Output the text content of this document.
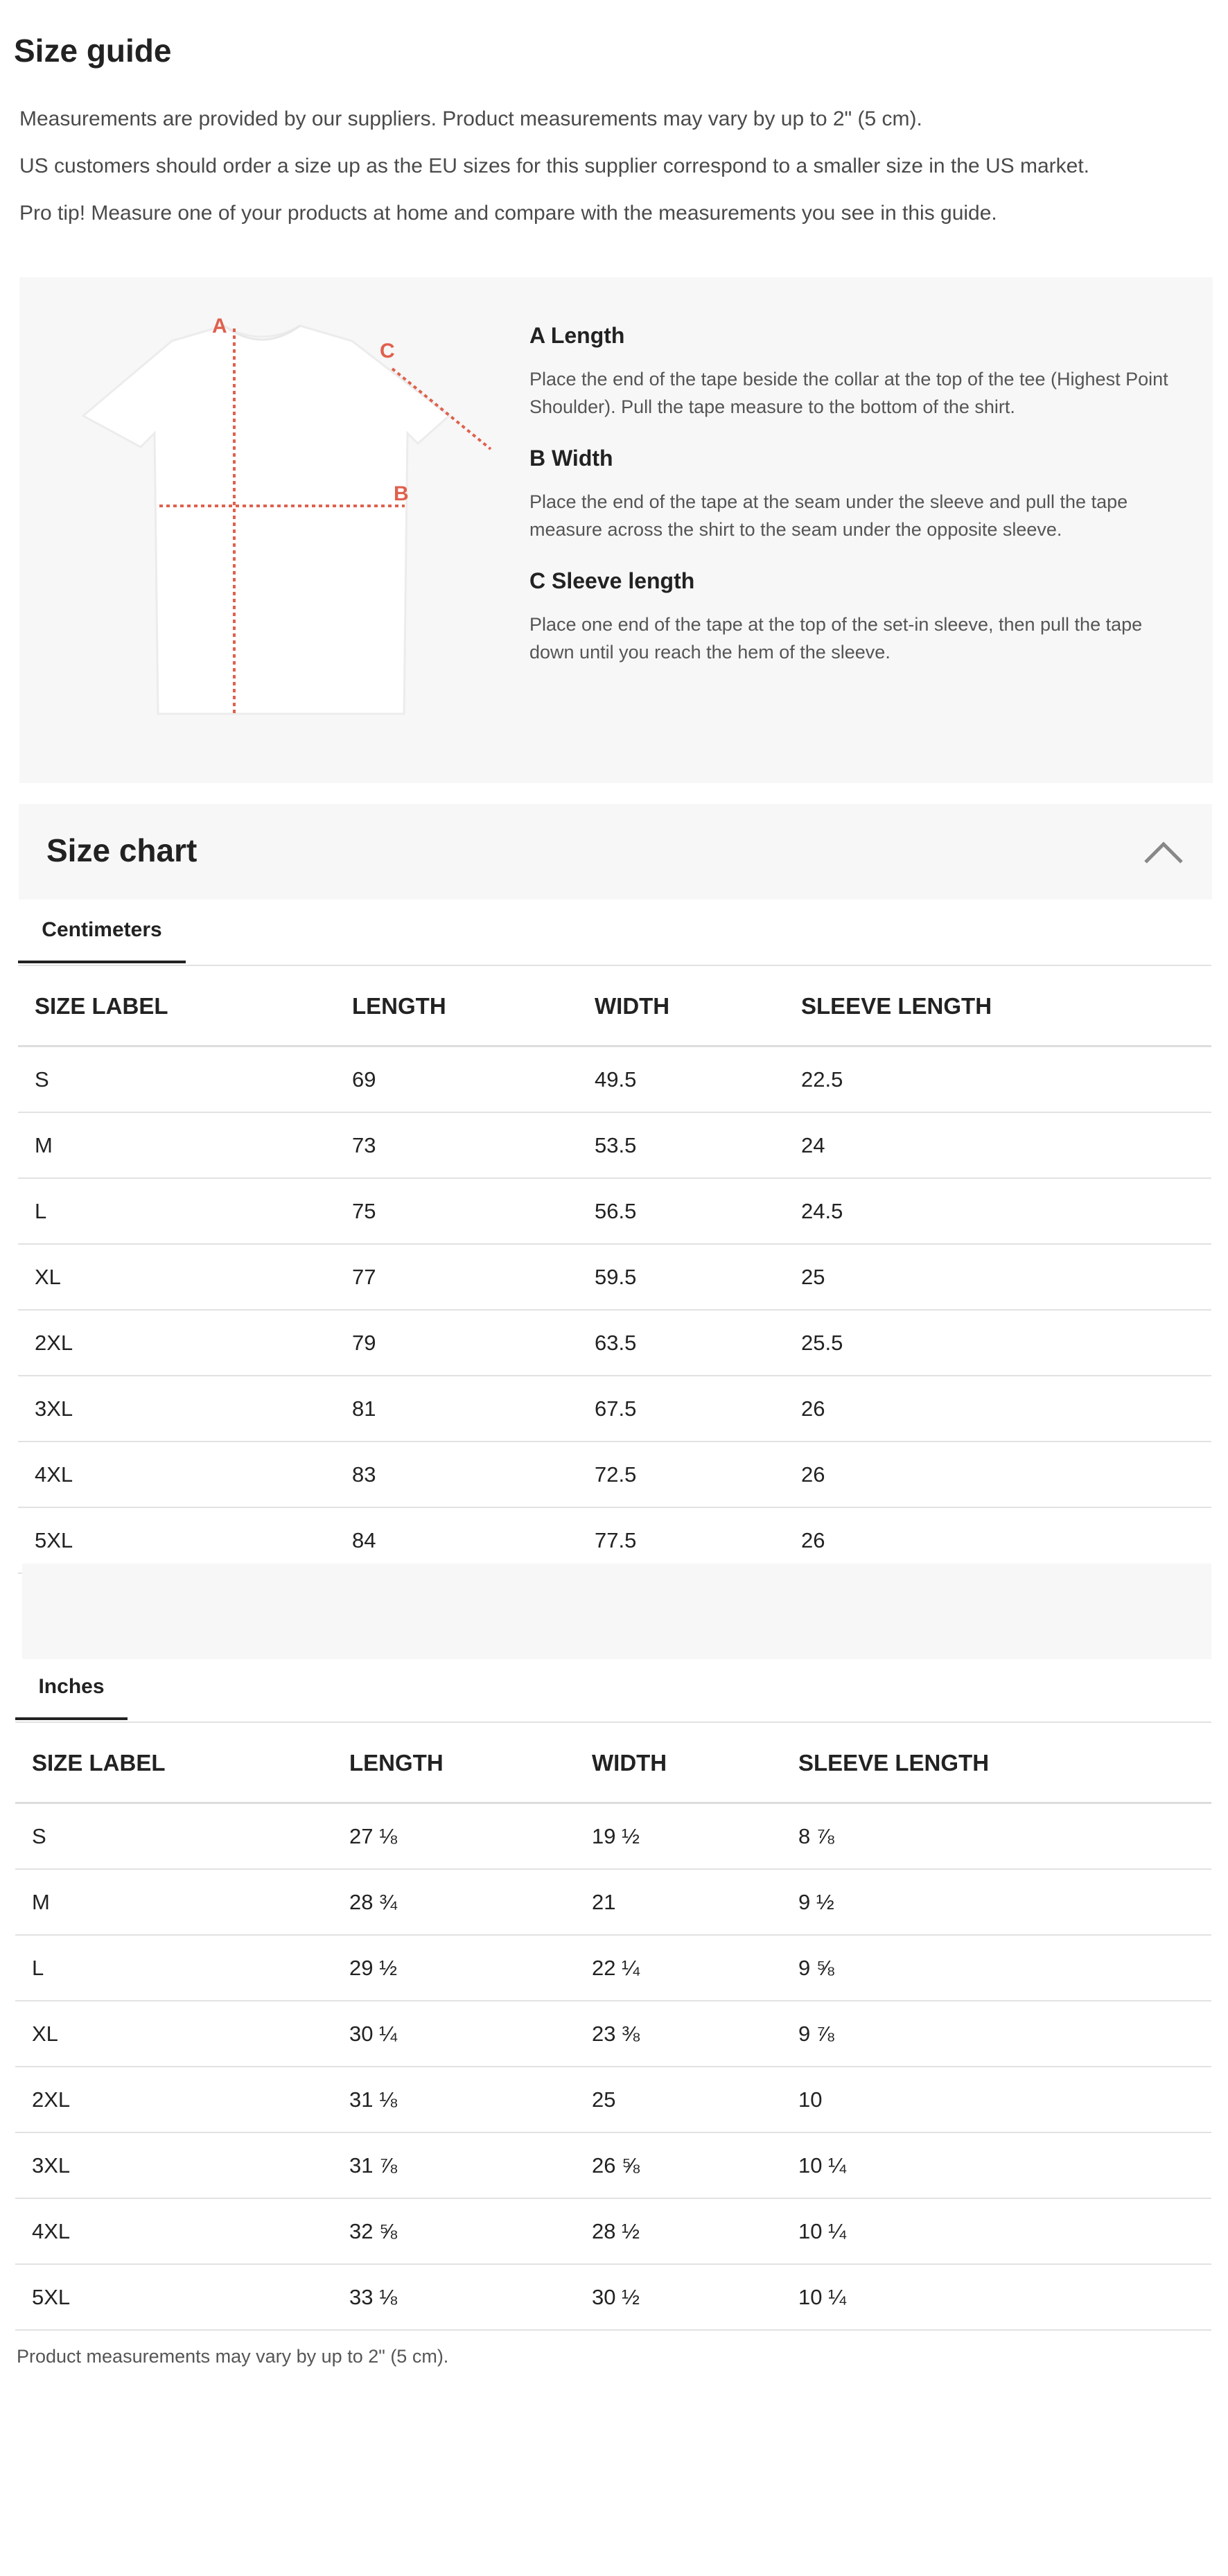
Size guide

Measurements are provided by our suppliers. Product measurements may vary by up to 2" (5 cm).

US customers should order a size up as the EU sizes for this supplier correspond to a smaller size in the US market.

Pro tip! Measure one of your products at home and compare with the measurements you see in this guide.

A
C
B
A Length

Place the end of the tape beside the collar at the top of the tee (Highest Point Shoulder). Pull the tape measure to the bottom of the shirt.

B Width

Place the end of the tape at the seam under the sleeve and pull the tape measure across the shirt to the seam under the opposite sleeve.

C Sleeve length

Place one end of the tape at the top of the set-in sleeve, then pull the tape down until you reach the hem of the sleeve.

Size chart
Centimeters
SIZE LABEL	LENGTH	WIDTH	SLEEVE LENGTH
S	69	49.5	22.5
M	73	53.5	24
L	75	56.5	24.5
XL	77	59.5	25
2XL	79	63.5	25.5
3XL	81	67.5	26
4XL	83	72.5	26
5XL	84	77.5	26
Inches
SIZE LABEL	LENGTH	WIDTH	SLEEVE LENGTH
S	27 ⅛	19 ½	8 ⅞
M	28 ¾	21	9 ½
L	29 ½	22 ¼	9 ⅝
XL	30 ¼	23 ⅜	9 ⅞
2XL	31 ⅛	25	10
3XL	31 ⅞	26 ⅝	10 ¼
4XL	32 ⅝	28 ½	10 ¼
5XL	33 ⅛	30 ½	10 ¼

Product measurements may vary by up to 2" (5 cm).
